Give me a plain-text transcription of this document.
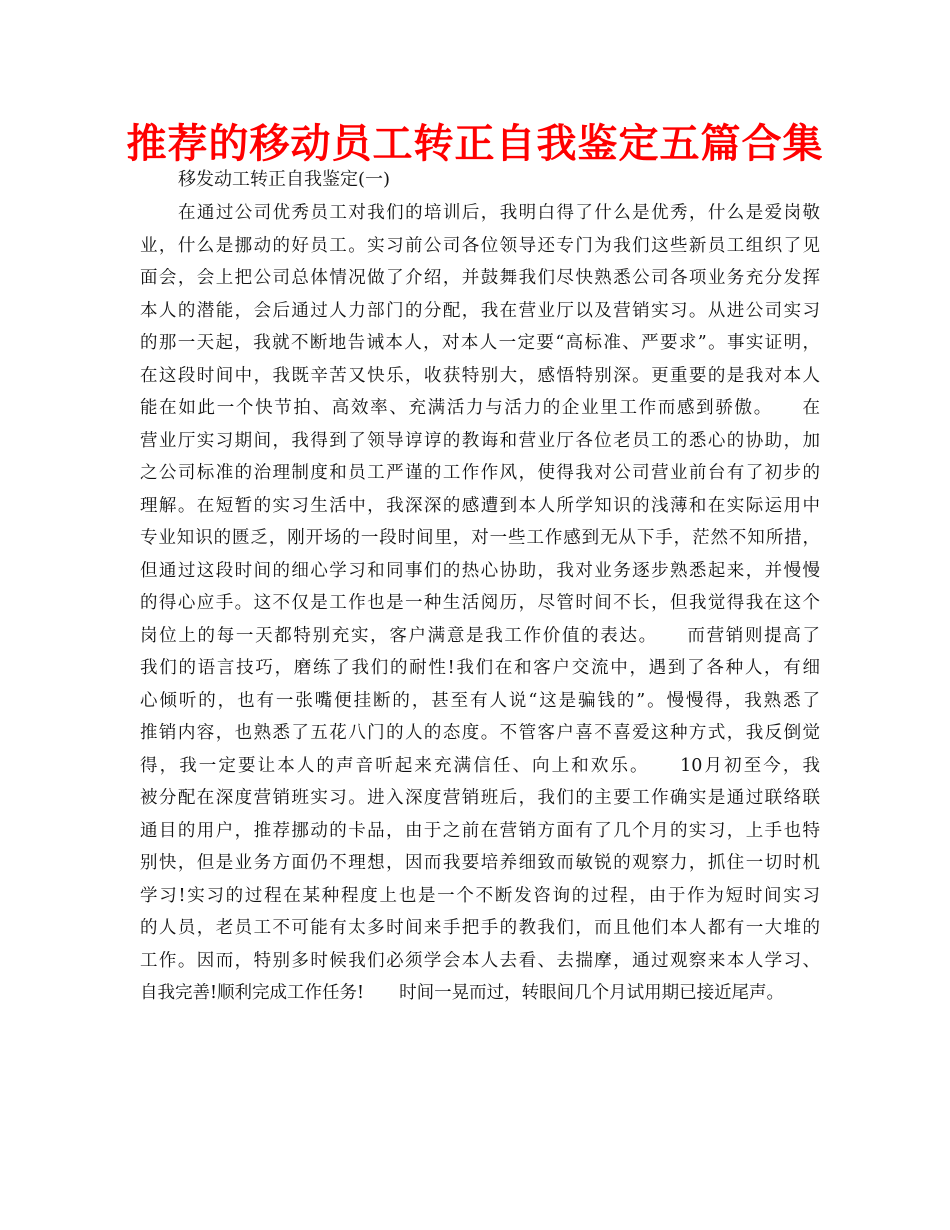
推荐的移动员工转正自我鉴定五篇合集
移发动工转正自我鉴定(一)
在通过公司优秀员工对我们的培训后，我明白得了什么是优秀，什么是爱岗敬
业，什么是挪动的好员工。实习前公司各位领导还专门为我们这些新员工组织了见
面会，会上把公司总体情况做了介绍，并鼓舞我们尽快熟悉公司各项业务充分发挥
本人的潜能，会后通过人力部门的分配，我在营业厅以及营销实习。从进公司实习
的那一天起，我就不断地告诫本人，对本人一定要“高标准、严要求”。事实证明，
在这段时间中，我既辛苦又快乐，收获特别大，感悟特别深。更重要的是我对本人
能在如此一个快节拍、高效率、充满活力与活力的企业里工作而感到骄傲。　　在
营业厅实习期间，我得到了领导谆谆的教诲和营业厅各位老员工的悉心的协助，加
之公司标准的治理制度和员工严谨的工作作风，使得我对公司营业前台有了初步的
理解。在短暂的实习生活中，我深深的感遭到本人所学知识的浅薄和在实际运用中
专业知识的匮乏，刚开场的一段时间里，对一些工作感到无从下手，茫然不知所措，
但通过这段时间的细心学习和同事们的热心协助，我对业务逐步熟悉起来，并慢慢
的得心应手。这不仅是工作也是一种生活阅历，尽管时间不长，但我觉得我在这个
岗位上的每一天都特别充实，客户满意是我工作价值的表达。　　而营销则提高了
我们的语言技巧，磨练了我们的耐性!我们在和客户交流中，遇到了各种人，有细
心倾听的，也有一张嘴便挂断的，甚至有人说“这是骗钱的”。慢慢得，我熟悉了
推销内容，也熟悉了五花八门的人的态度。不管客户喜不喜爱这种方式，我反倒觉
得，我一定要让本人的声音听起来充满信任、向上和欢乐。　　10月初至今，我
被分配在深度营销班实习。进入深度营销班后，我们的主要工作确实是通过联络联
通目的用户，推荐挪动的卡品，由于之前在营销方面有了几个月的实习，上手也特
别快，但是业务方面仍不理想，因而我要培养细致而敏锐的观察力，抓住一切时机
学习!实习的过程在某种程度上也是一个不断发咨询的过程，由于作为短时间实习
的人员，老员工不可能有太多时间来手把手的教我们，而且他们本人都有一大堆的
工作。因而，特别多时候我们必须学会本人去看、去揣摩，通过观察来本人学习、
自我完善!顺利完成工作任务!　　时间一晃而过，转眼间几个月试用期已接近尾声。
